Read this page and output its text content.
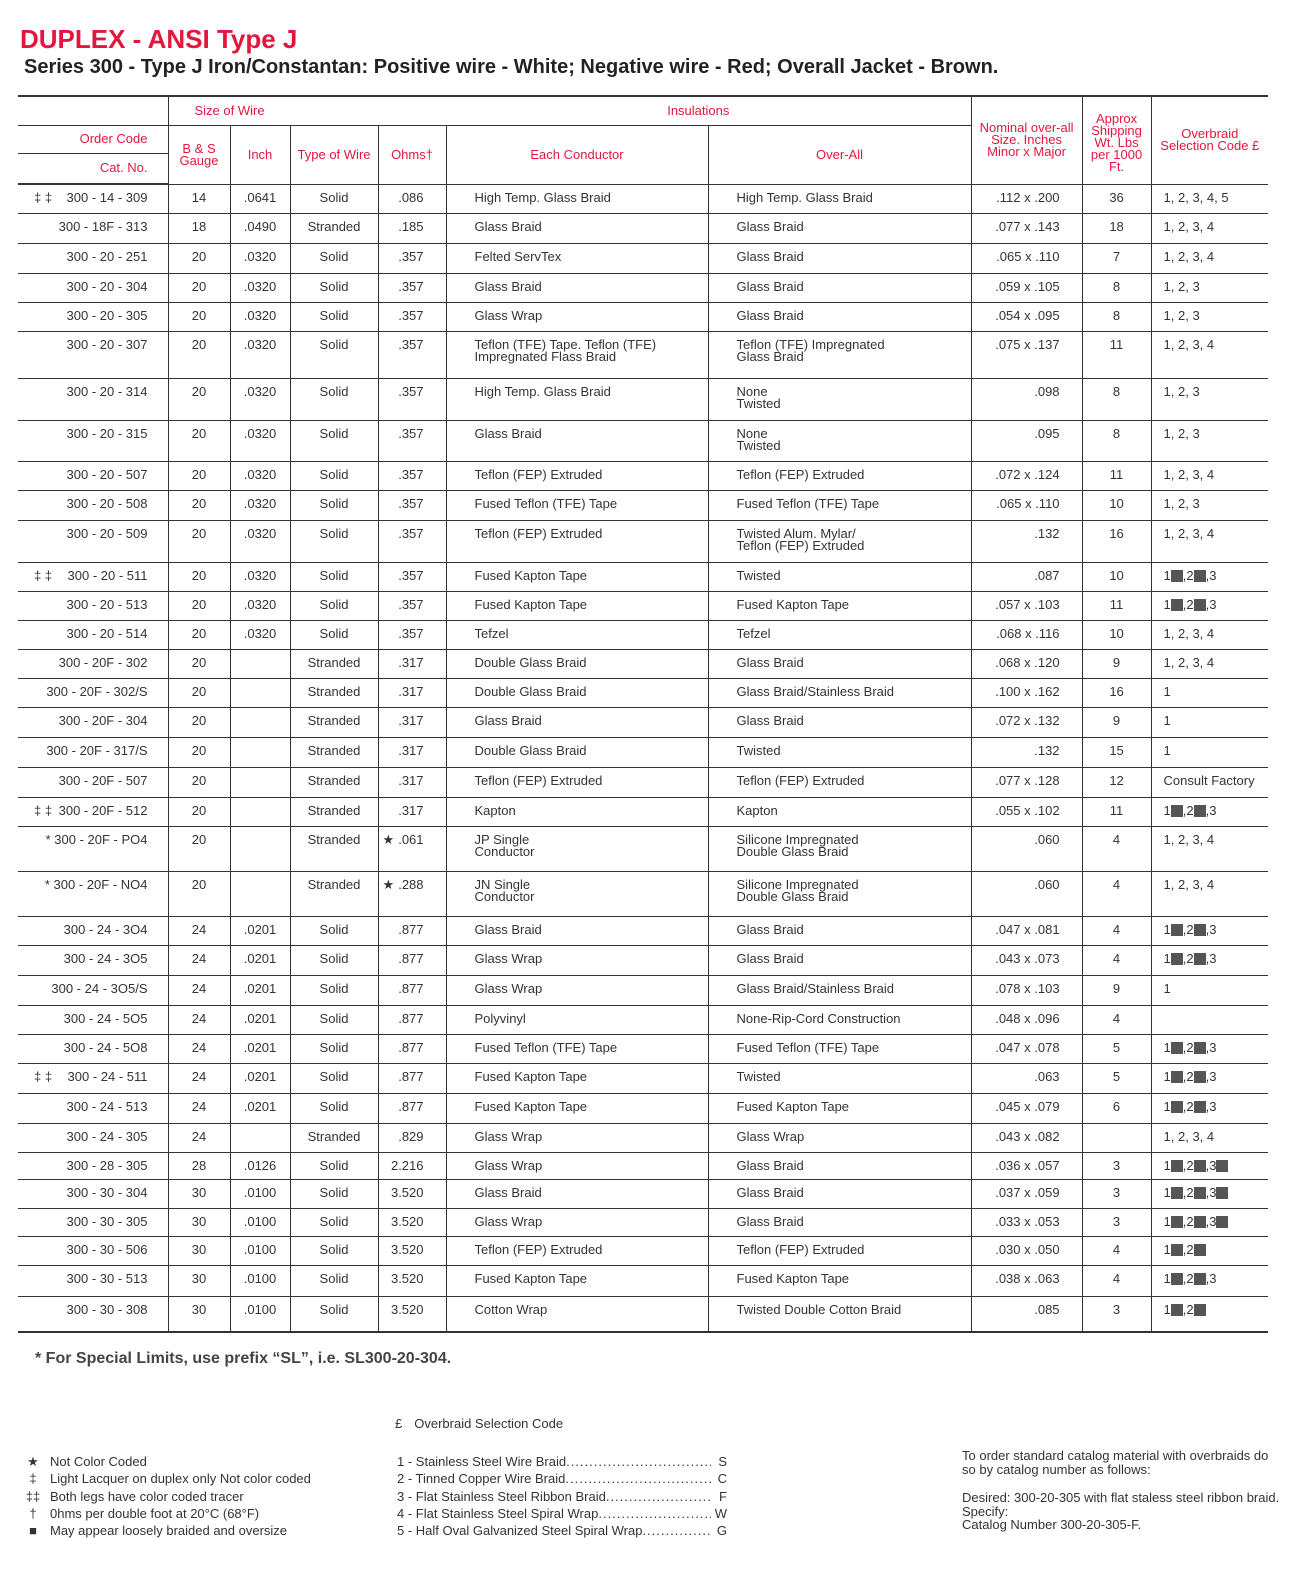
DUPLEX - ANSI Type J
Series 300 - Type J Iron/Constantan: Positive wire - White; Negative wire - Red; Overall Jacket - Brown.
	Size of Wire		Insulations				Nominal over-all Size. Inches Minor x Major	Approx Shipping Wt. Lbs per 1000 Ft.	Overbraid Selection Code £
Order Code	B & S Gauge	Inch	Type of Wire	Ohms†	Each Conductor	Over-All			
Cat. No.									

‡ ‡ 300 - 14 - 309	14	.0641	Solid	.086	High Temp. Glass Braid	High Temp. Glass Braid	.112 x .200	36	1, 2, 3, 4, 5
300 - 18F - 313	18	.0490	Stranded	.185	Glass Braid	Glass Braid	.077 x .143	18	1, 2, 3, 4
300 - 20 - 251	20	.0320	Solid	.357	Felted ServTex	Glass Braid	.065 x .110	7	1, 2, 3, 4
300 - 20 - 304	20	.0320	Solid	.357	Glass Braid	Glass Braid	.059 x .105	8	1, 2, 3
300 - 20 - 305	20	.0320	Solid	.357	Glass Wrap	Glass Braid	.054 x .095	8	1, 2, 3
300 - 20 - 307	20	.0320	Solid	.357	Teflon (TFE) Tape. Teflon (TFE)
Impregnated Flass Braid	Teflon (TFE) Impregnated
Glass Braid	.075 x .137	11	1, 2, 3, 4
300 - 20 - 314	20	.0320	Solid	.357	High Temp. Glass Braid	None
Twisted	.098	8	1, 2, 3
300 - 20 - 315	20	.0320	Solid	.357	Glass Braid	None
Twisted	.095	8	1, 2, 3
300 - 20 - 507	20	.0320	Solid	.357	Teflon (FEP) Extruded	Teflon (FEP) Extruded	.072 x .124	11	1, 2, 3, 4
300 - 20 - 508	20	.0320	Solid	.357	Fused Teflon (TFE) Tape	Fused Teflon (TFE) Tape	.065 x .110	10	1, 2, 3
300 - 20 - 509	20	.0320	Solid	.357	Teflon (FEP) Extruded	Twisted Alum. Mylar/
Teflon (FEP) Extruded	.132	16	1, 2, 3, 4

‡ ‡ 300 - 20 - 511	20	.0320	Solid	.357	Fused Kapton Tape	Twisted	.087	10	1 ,2 ,3
300 - 20 - 513	20	.0320	Solid	.357	Fused Kapton Tape	Fused Kapton Tape	.057 x .103	11	1 ,2 ,3
300 - 20 - 514	20	.0320	Solid	.357	Tefzel	Tefzel	.068 x .116	10	1, 2, 3, 4
300 - 20F - 302	20		Stranded	.317	Double Glass Braid	Glass Braid	.068 x .120	9	1, 2, 3, 4
300 - 20F - 302/S	20		Stranded	.317	Double Glass Braid	Glass Braid/Stainless Braid	.100 x .162	16	1
300 - 20F - 304	20		Stranded	.317	Glass Braid	Glass Braid	.072 x .132	9	1
300 - 20F - 317/S	20		Stranded	.317	Double Glass Braid	Twisted	.132	15	1
300 - 20F - 507	20		Stranded	.317	Teflon (FEP) Extruded	Teflon (FEP) Extruded	.077 x .128	12	Consult Factory

‡ ‡ 300 - 20F - 512	20		Stranded	.317	Kapton	Kapton	.055 x .102	11	1 ,2 ,3
* 300 - 20F - PO4	20		Stranded	★ .061	JP Single
Conductor	Silicone Impregnated
Double Glass Braid	.060	4	1, 2, 3, 4
* 300 - 20F - NO4	20		Stranded	★ .288	JN Single
Conductor	Silicone Impregnated
Double Glass Braid	.060	4	1, 2, 3, 4
300 - 24 - 3O4	24	.0201	Solid	.877	Glass Braid	Glass Braid	.047 x .081	4	1 ,2 ,3
300 - 24 - 3O5	24	.0201	Solid	.877	Glass Wrap	Glass Braid	.043 x .073	4	1 ,2 ,3
300 - 24 - 3O5/S	24	.0201	Solid	.877	Glass Wrap	Glass Braid/Stainless Braid	.078 x .103	9	1
300 - 24 - 5O5	24	.0201	Solid	.877	Polyvinyl	None-Rip-Cord Construction	.048 x .096	4	
300 - 24 - 5O8	24	.0201	Solid	.877	Fused Teflon (TFE) Tape	Fused Teflon (TFE) Tape	.047 x .078	5	1 ,2 ,3

‡ ‡ 300 - 24 - 511	24	.0201	Solid	.877	Fused Kapton Tape	Twisted	.063	5	1 ,2 ,3
300 - 24 - 513	24	.0201	Solid	.877	Fused Kapton Tape	Fused Kapton Tape	.045 x .079	6	1 ,2 ,3
300 - 24 - 305	24		Stranded	.829	Glass Wrap	Glass Wrap	.043 x .082		1, 2, 3, 4
300 - 28 - 305	28	.0126	Solid	2.216	Glass Wrap	Glass Braid	.036 x .057	3	1 ,2 ,3
300 - 30 - 304	30	.0100	Solid	3.520	Glass Braid	Glass Braid	.037 x .059	3	1 ,2 ,3
300 - 30 - 305	30	.0100	Solid	3.520	Glass Wrap	Glass Braid	.033 x .053	3	1 ,2 ,3
300 - 30 - 506	30	.0100	Solid	3.520	Teflon (FEP) Extruded	Teflon (FEP) Extruded	.030 x .050	4	1 ,2
300 - 30 - 513	30	.0100	Solid	3.520	Fused Kapton Tape	Fused Kapton Tape	.038 x .063	4	1 ,2 ,3
300 - 30 - 308	30	.0100	Solid	3.520	Cotton Wrap	Twisted Double Cotton Braid	.085	3	1 ,2
* For Special Limits, use prefix “SL”, i.e. SL300-20-304.
£ Overbraid Selection Code
★ Not Color Coded
‡	Light Lacquer on duplex only Not color coded
‡‡ Both legs have color coded tracer
†	0hms per double foot at 20°C (68°F)
■	May appear loosely braided and oversize
1 - Stainless Steel Wire Braid .....	S
2 - Tinned Copper Wire Braid .....	C
3 - Flat Stainless Steel Ribbon Braid .....	F
4 - Flat Stainless Steel Spiral Wrap .....	W
5 - Half Oval Galvanized Steel Spiral Wrap .....	G

To order standard catalog material with overbraids do so by catalog number as follows:

Desired: 300-20-305 with flat staless steel ribbon braid. Specify:
Catalog Number 300-20-305-F.
